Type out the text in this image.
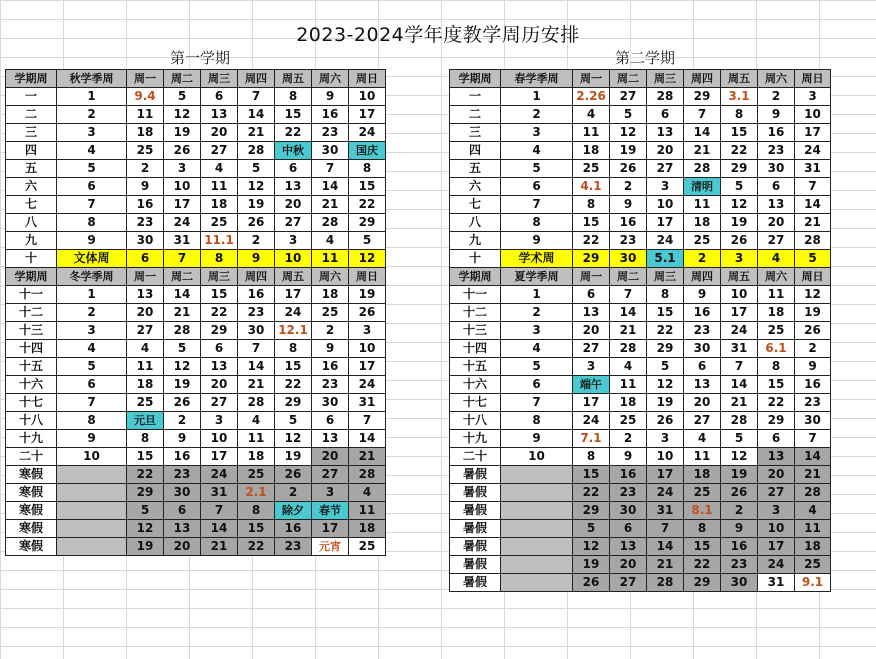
2023-2024学年度教学周历安排
第一学期	第二学期
学期周	秋学季周	周一	周二	周三	周四	周五	周六	周日
一	1	9.4	5	6	7	8	9	10
二	2	11	12	13	14	15	16	17
三	3	18	19	20	21	22	23	24
四	4	25	26	27	28	中秋	30	国庆
五	5	2	3	4	5	6	7	8
六	6	9	10	11	12	13	14	15
七	7	16	17	18	19	20	21	22
八	8	23	24	25	26	27	28	29
九	9	30	31	11.1	2	3	4	5
十	文体周	6	7	8	9	10	11	12
学期周	冬学季周	周一	周二	周三	周四	周五	周六	周日
十一	1	13	14	15	16	17	18	19
十二	2	20	21	22	23	24	25	26
十三	3	27	28	29	30	12.1	2	3
十四	4	4	5	6	7	8	9	10
十五	5	11	12	13	14	15	16	17
十六	6	18	19	20	21	22	23	24
十七	7	25	26	27	28	29	30	31
十八	8	元旦	2	3	4	5	6	7
十九	9	8	9	10	11	12	13	14
二十	10	15	16	17	18	19	20	21
寒假		22	23	24	25	26	27	28
寒假		29	30	31	2.1	2	3	4
寒假		5	6	7	8	除夕	春节	11
寒假		12	13	14	15	16	17	18
寒假		19	20	21	22	23	元宵	25
学期周	春学季周	周一	周二	周三	周四	周五	周六	周日
一	1	2.26	27	28	29	3.1	2	3
二	2	4	5	6	7	8	9	10
三	3	11	12	13	14	15	16	17
四	4	18	19	20	21	22	23	24
五	5	25	26	27	28	29	30	31
六	6	4.1	2	3	清明	5	6	7
七	7	8	9	10	11	12	13	14
八	8	15	16	17	18	19	20	21
九	9	22	23	24	25	26	27	28
十	学术周	29	30	5.1	2	3	4	5
学期周	夏学季周	周一	周二	周三	周四	周五	周六	周日
十一	1	6	7	8	9	10	11	12
十二	2	13	14	15	16	17	18	19
十三	3	20	21	22	23	24	25	26
十四	4	27	28	29	30	31	6.1	2
十五	5	3	4	5	6	7	8	9
十六	6	端午	11	12	13	14	15	16
十七	7	17	18	19	20	21	22	23
十八	8	24	25	26	27	28	29	30
十九	9	7.1	2	3	4	5	6	7
二十	10	8	9	10	11	12	13	14
暑假		15	16	17	18	19	20	21
暑假		22	23	24	25	26	27	28
暑假		29	30	31	8.1	2	3	4
暑假		5	6	7	8	9	10	11
暑假		12	13	14	15	16	17	18
暑假		19	20	21	22	23	24	25
暑假		26	27	28	29	30	31	9.1
